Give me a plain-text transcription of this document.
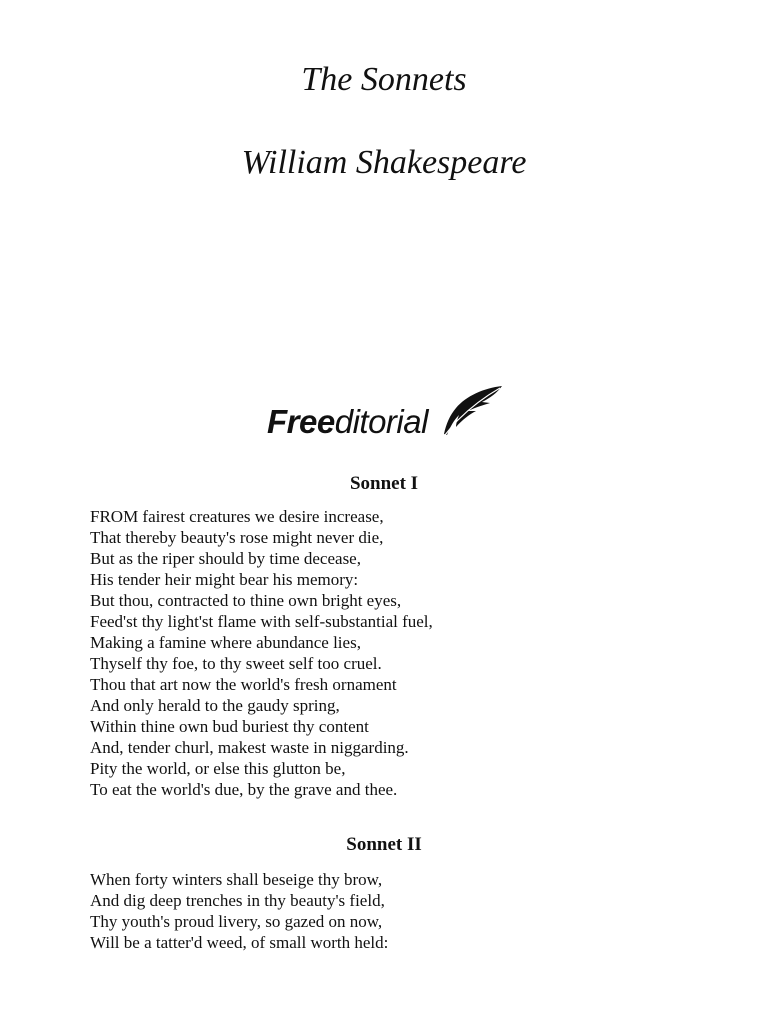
The Sonnets
William Shakespeare
Freeditorial
Sonnet I
FROM fairest creatures we desire increase,
That thereby beauty's rose might never die,
But as the riper should by time decease,
His tender heir might bear his memory:
But thou, contracted to thine own bright eyes,
Feed'st thy light'st flame with self-substantial fuel,
Making a famine where abundance lies,
Thyself thy foe, to thy sweet self too cruel.
Thou that art now the world's fresh ornament
And only herald to the gaudy spring,
Within thine own bud buriest thy content
And, tender churl, makest waste in niggarding.
Pity the world, or else this glutton be,
To eat the world's due, by the grave and thee.
Sonnet II
When forty winters shall beseige thy brow,
And dig deep trenches in thy beauty's field,
Thy youth's proud livery, so gazed on now,
Will be a tatter'd weed, of small worth held:
